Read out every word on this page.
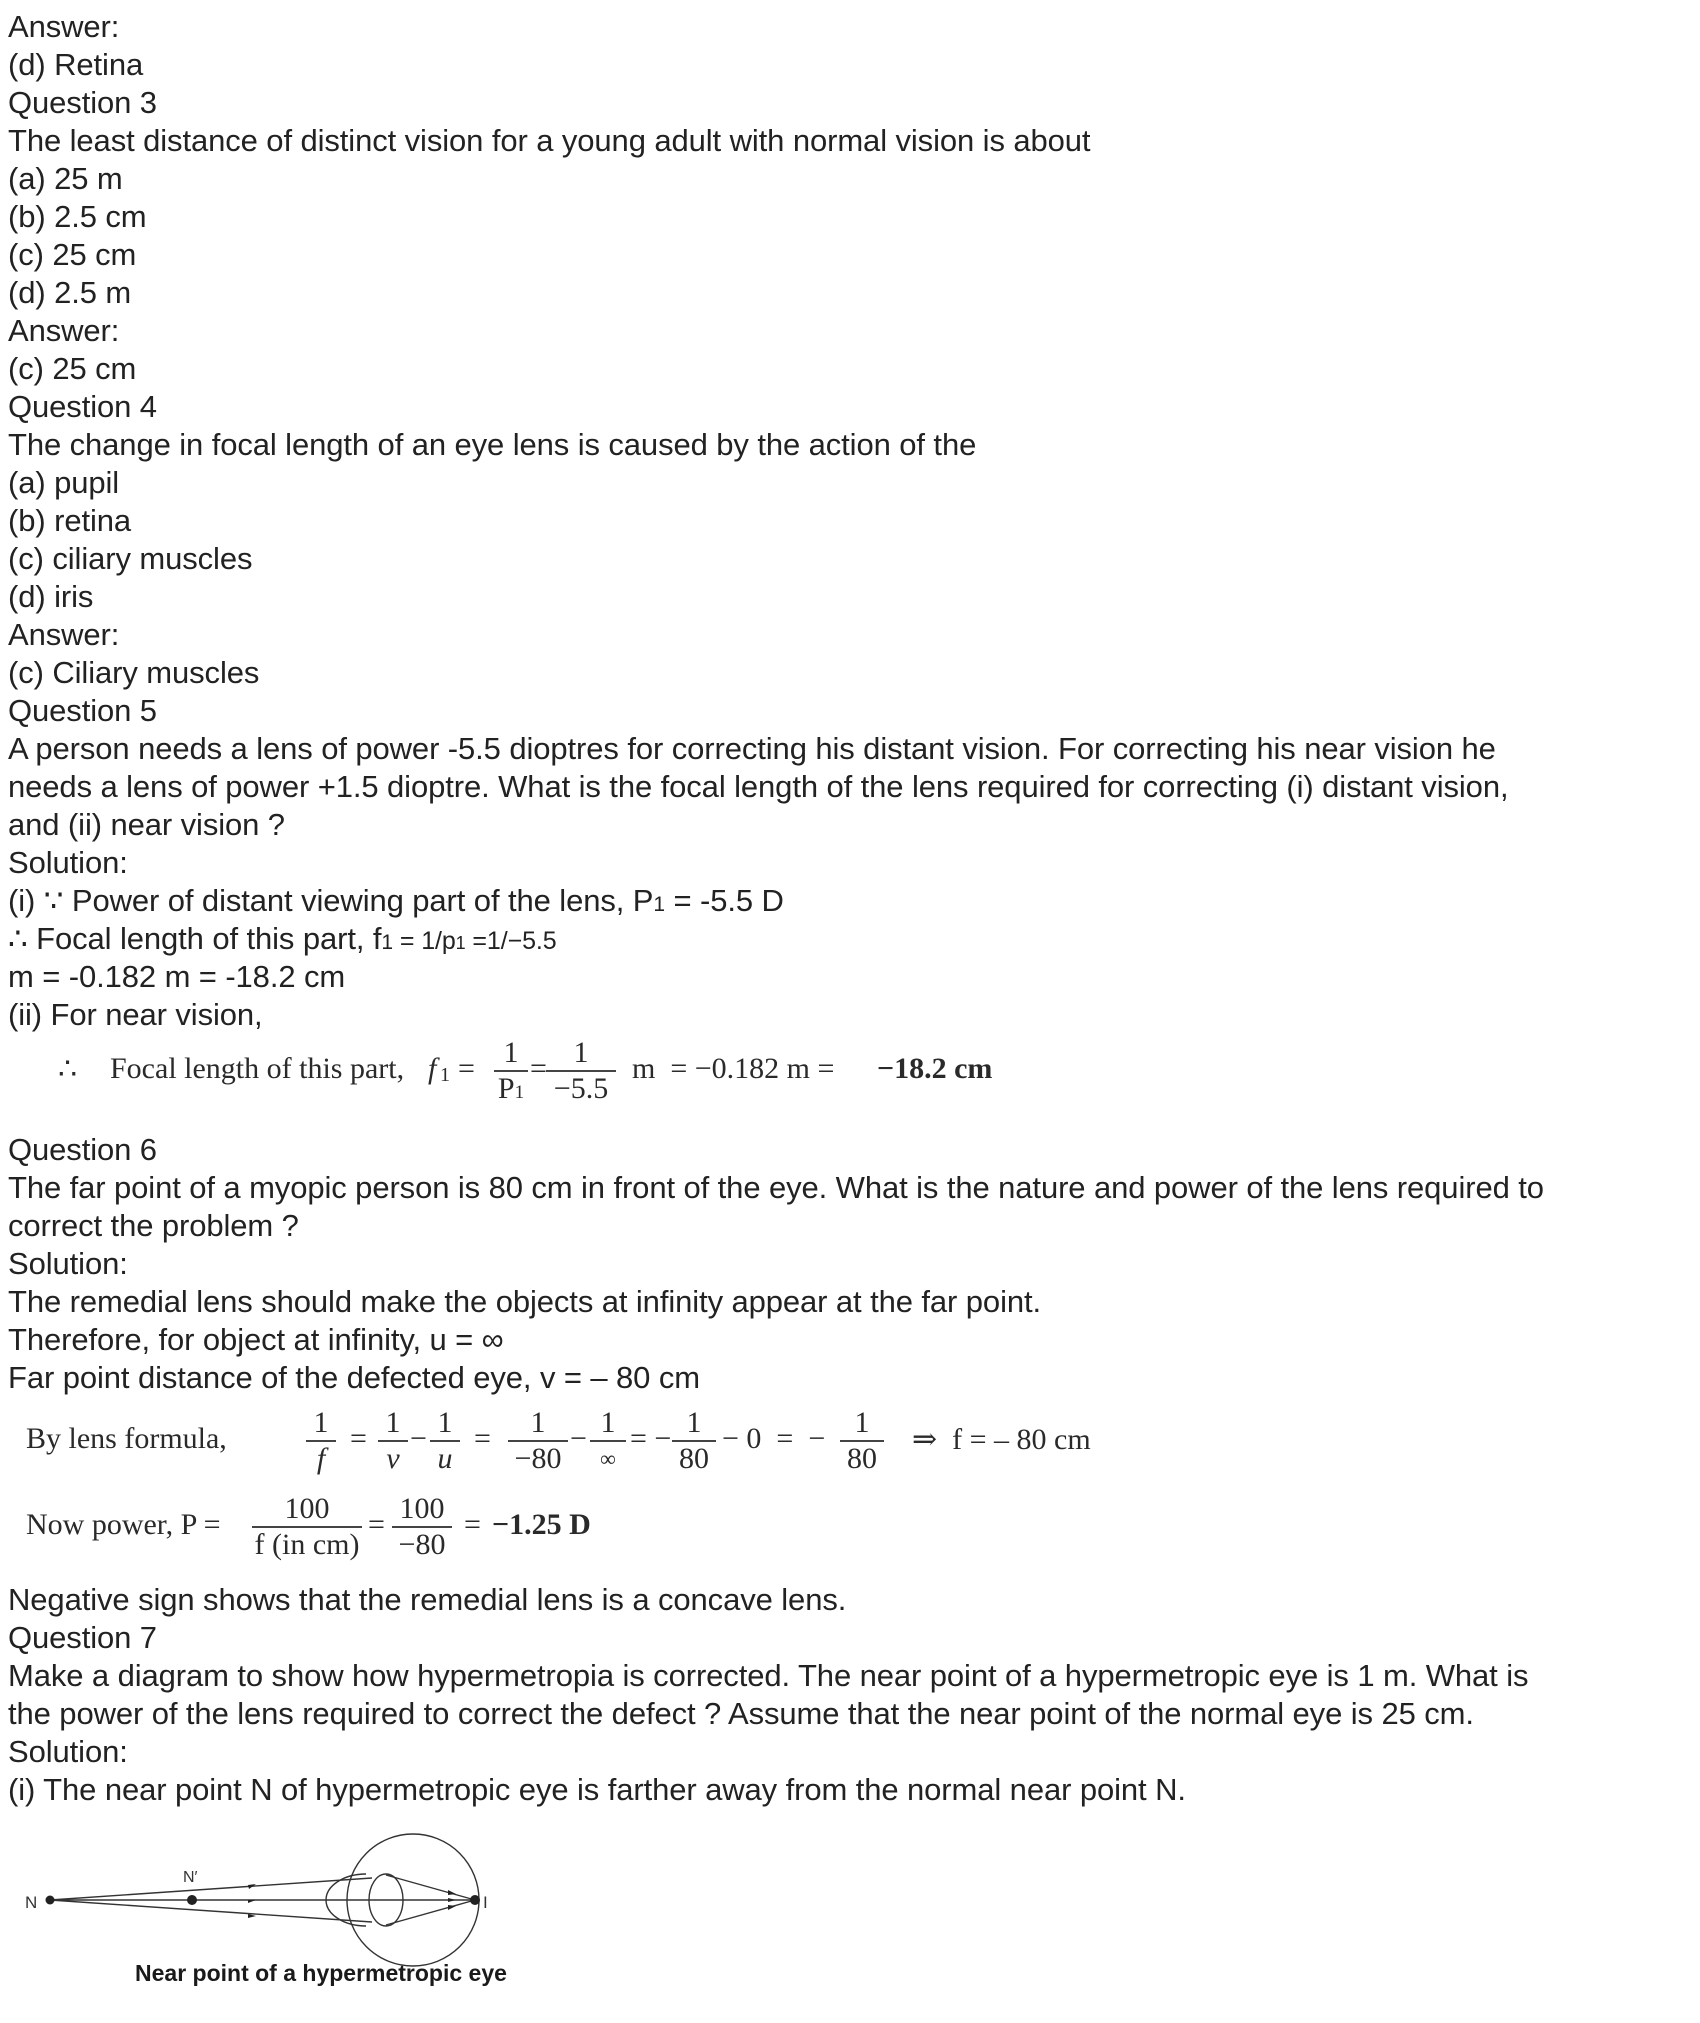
Answer:
(d) Retina
Question 3
The least distance of distinct vision for a young adult with normal vision is about
(a) 25 m
(b) 2.5 cm
(c) 25 cm
(d) 2.5 m
Answer:
(c) 25 cm
Question 4
The change in focal length of an eye lens is caused by the action of the
(a) pupil
(b) retina
(c) ciliary muscles
(d) iris
Answer:
(c) Ciliary muscles
Question 5
A person needs a lens of power -5.5 dioptres for correcting his distant vision. For correcting his near vision he
needs a lens of power +1.5 dioptre. What is the focal length of the lens required for correcting (i) distant vision,
and (ii) near vision ?
Solution:
(i) ∵ Power of distant viewing part of the lens, P1 = -5.5 D
∴ Focal length of this part, f1 = 1/p1 =1/−5.5
m = -0.182 m = -18.2 cm
(ii) For near vision,
∴ Focal length of this part, f $1 = \frac{1}{P1} = \frac{1}{-5.5}$ m  = −0.182 m = −18.2 cm
Question 6
The far point of a myopic person is 80 cm in front of the eye. What is the nature and power of the lens required to
correct the problem ?
Solution:
The remedial lens should make the objects at infinity appear at the far point.
Therefore, for object at infinity, u = ∞
Far point distance of the defected eye, v = – 80 cm
By lens formula,	$\frac{1}{f} = \frac{1}{v} - \frac{1}{u} = \frac{1}{-80} - 1$
∞
= − $\frac{1}{80} - 0$  =  − $\frac{1}{80}$ ⇒  f = – 80 cm
Now power, $P = \frac{100}{\text{f (in cm)}} = \frac{100}{-80} = -1.25$ D
Negative sign shows that the remedial lens is a concave lens.
Question 7
Make a diagram to show how hypermetropia is corrected. The near point of a hypermetropic eye is 1 m. What is
the power of the lens required to correct the defect ? Assume that the near point of the normal eye is 25 cm.
Solution:
(i) The near point N of hypermetropic eye is farther away from the normal near point N.
N
N′
I
Near point of a hypermetropic eye
